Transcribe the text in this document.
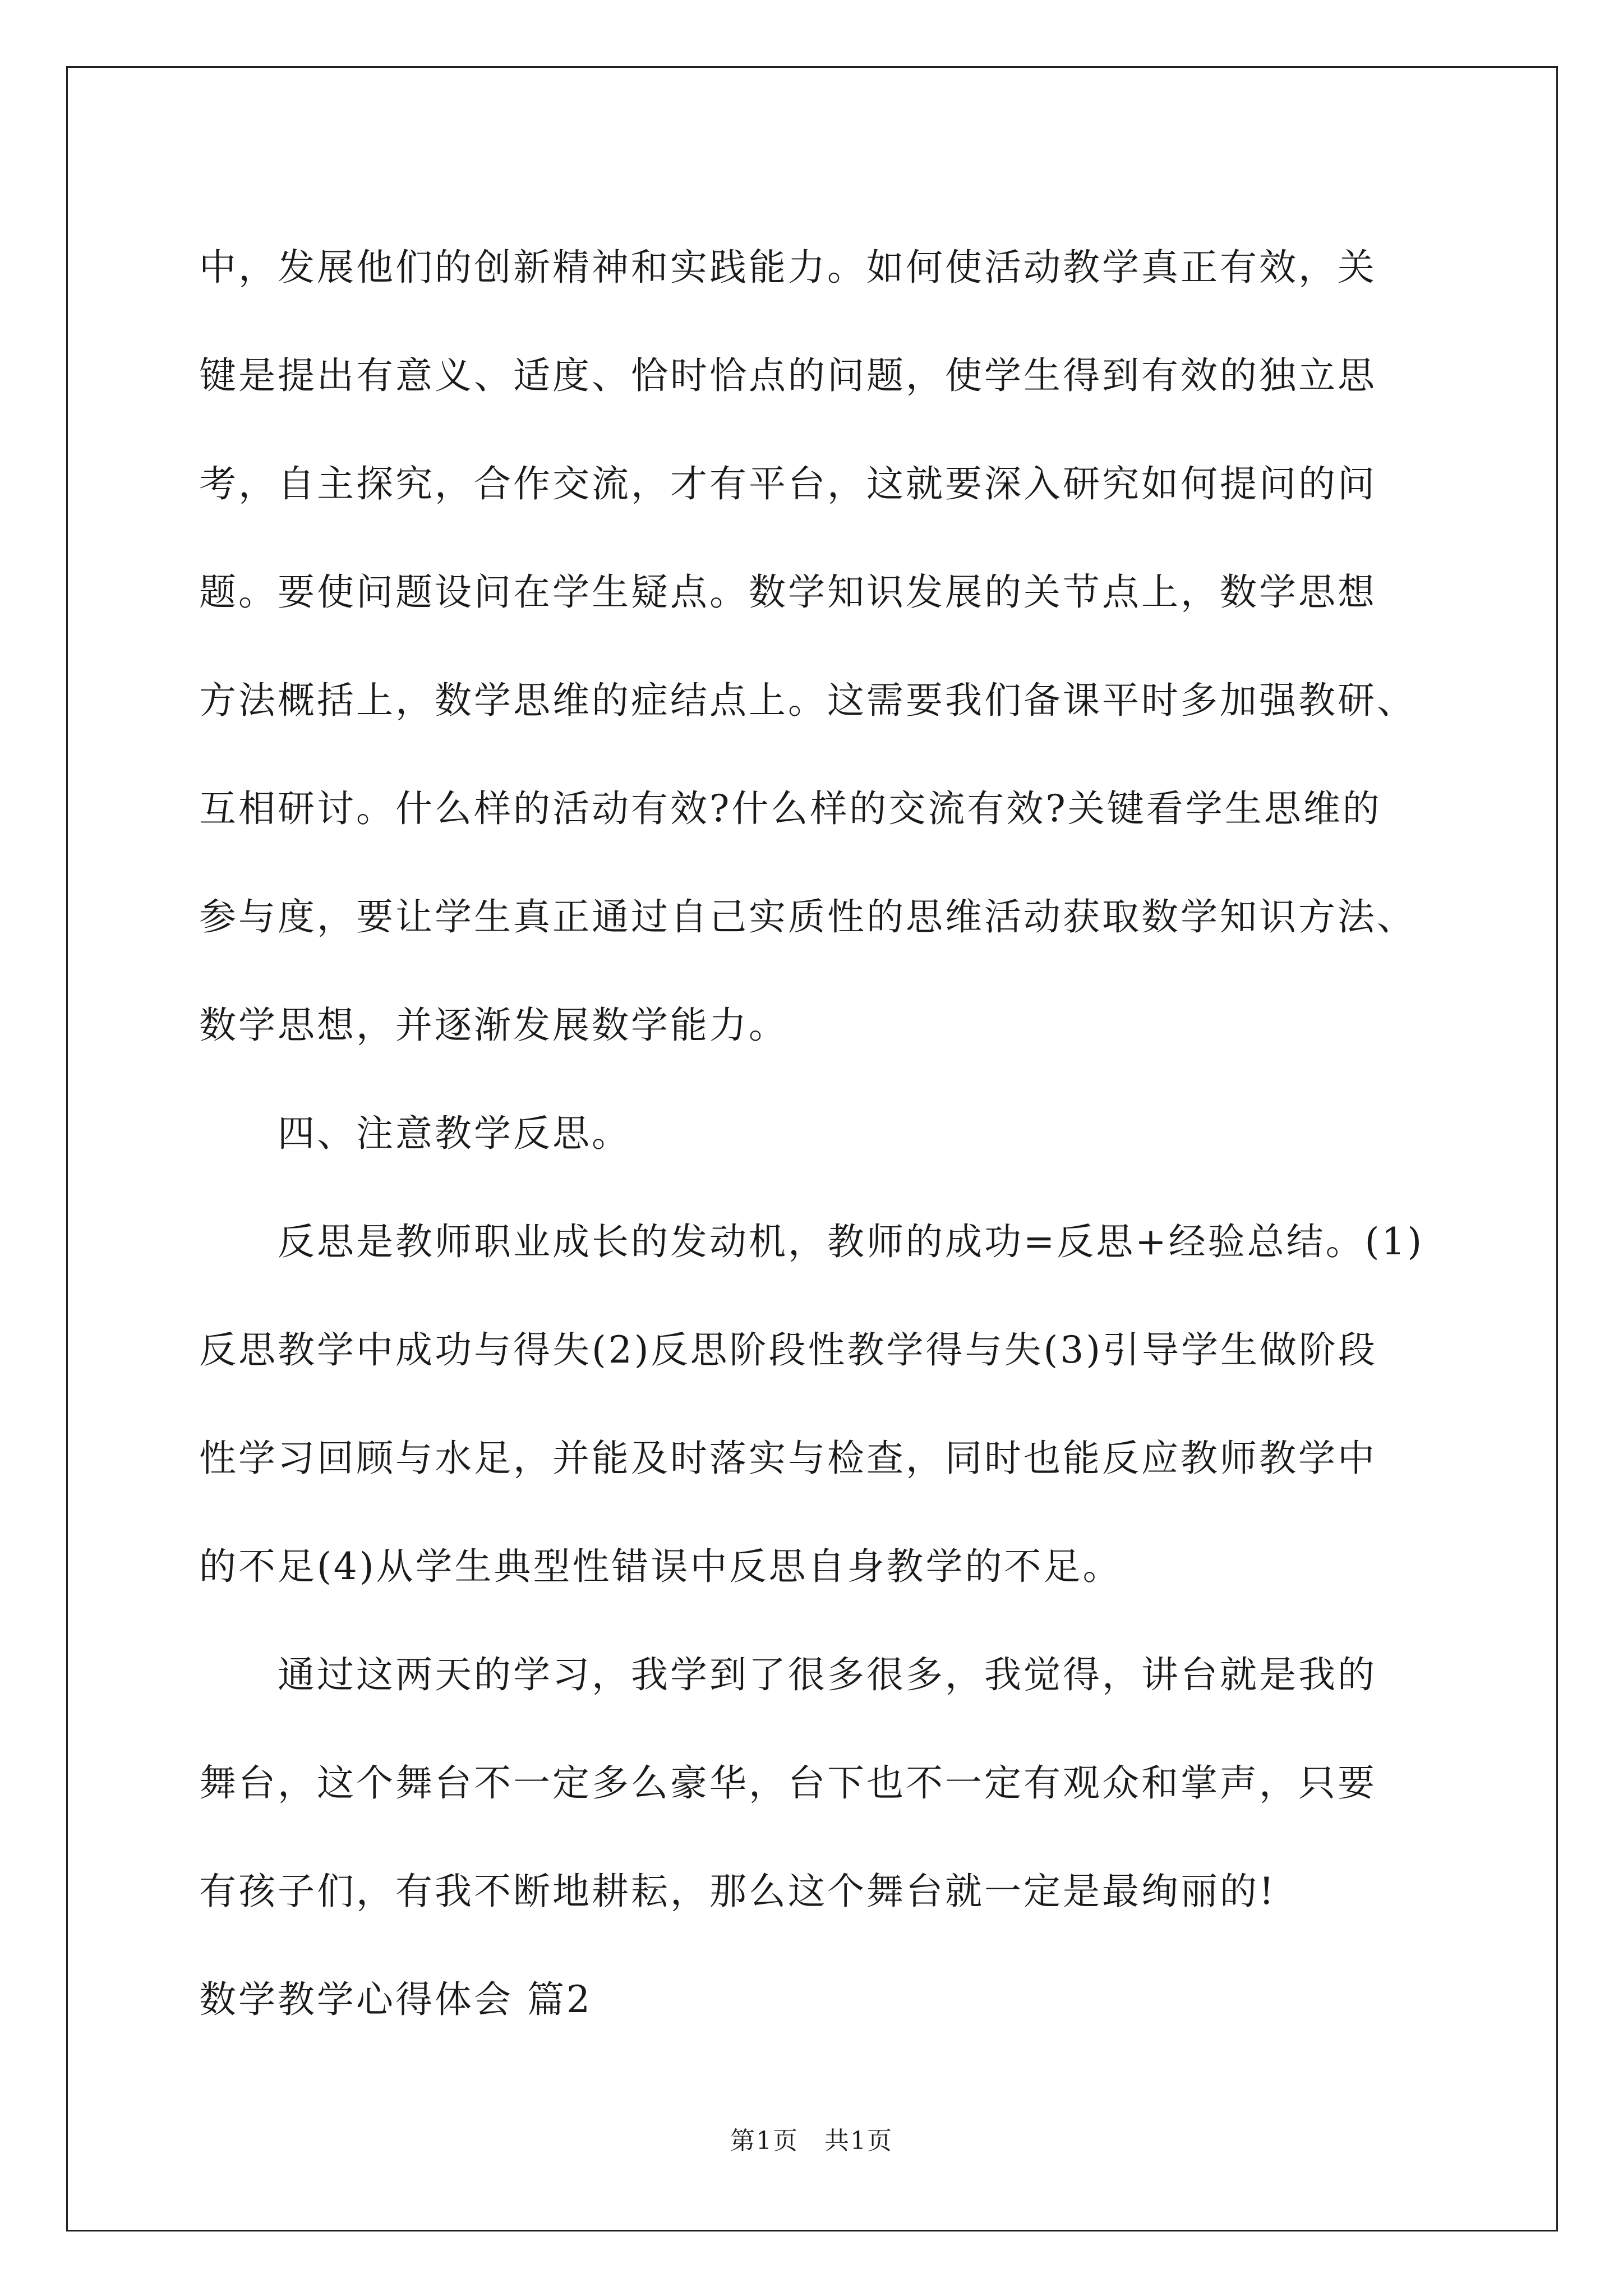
中，发展他们的创新精神和实践能力。如何使活动教学真正有效，关
键是提出有意义、适度、恰时恰点的问题，使学生得到有效的独立思
考，自主探究，合作交流，才有平台，这就要深入研究如何提问的问
题。要使问题设问在学生疑点。数学知识发展的关节点上，数学思想
方法概括上，数学思维的症结点上。这需要我们备课平时多加强教研、
互相研讨。什么样的活动有效?什么样的交流有效?关键看学生思维的
参与度，要让学生真正通过自己实质性的思维活动获取数学知识方法、
数学思想，并逐渐发展数学能力。
四、注意教学反思。
反思是教师职业成长的发动机，教师的成功=反思+经验总结。(1)
反思教学中成功与得失(2)反思阶段性教学得与失(3)引导学生做阶段
性学习回顾与水足，并能及时落实与检查，同时也能反应教师教学中
的不足(4)从学生典型性错误中反思自身教学的不足。
通过这两天的学习，我学到了很多很多，我觉得，讲台就是我的
舞台，这个舞台不一定多么豪华，台下也不一定有观众和掌声，只要
有孩子们，有我不断地耕耘，那么这个舞台就一定是最绚丽的!
数学教学心得体会 篇2
第1页　共1页
